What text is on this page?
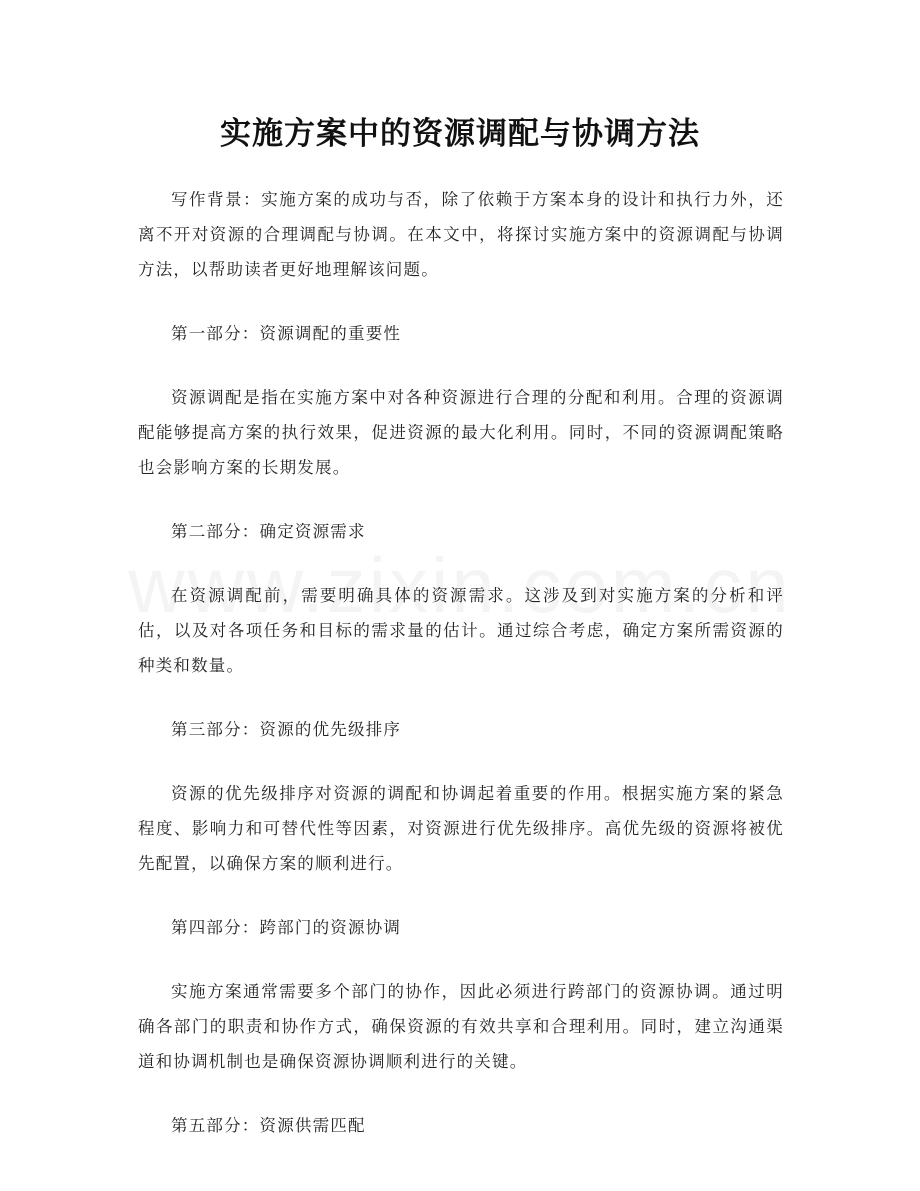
实施方案中的资源调配与协调方法

写作背景：实施方案的成功与否，除了依赖于方案本身的设计和执行力外，还离不开对资源的合理调配与协调。在本文中，将探讨实施方案中的资源调配与协调方法，以帮助读者更好地理解该问题。

第一部分：资源调配的重要性

资源调配是指在实施方案中对各种资源进行合理的分配和利用。合理的资源调配能够提高方案的执行效果，促进资源的最大化利用。同时，不同的资源调配策略也会影响方案的长期发展。

第二部分：确定资源需求

在资源调配前，需要明确具体的资源需求。这涉及到对实施方案的分析和评估，以及对各项任务和目标的需求量的估计。通过综合考虑，确定方案所需资源的种类和数量。

第三部分：资源的优先级排序

资源的优先级排序对资源的调配和协调起着重要的作用。根据实施方案的紧急程度、影响力和可替代性等因素，对资源进行优先级排序。高优先级的资源将被优先配置，以确保方案的顺利进行。

第四部分：跨部门的资源协调

实施方案通常需要多个部门的协作，因此必须进行跨部门的资源协调。通过明确各部门的职责和协作方式，确保资源的有效共享和合理利用。同时，建立沟通渠道和协调机制也是确保资源协调顺利进行的关键。

第五部分：资源供需匹配
